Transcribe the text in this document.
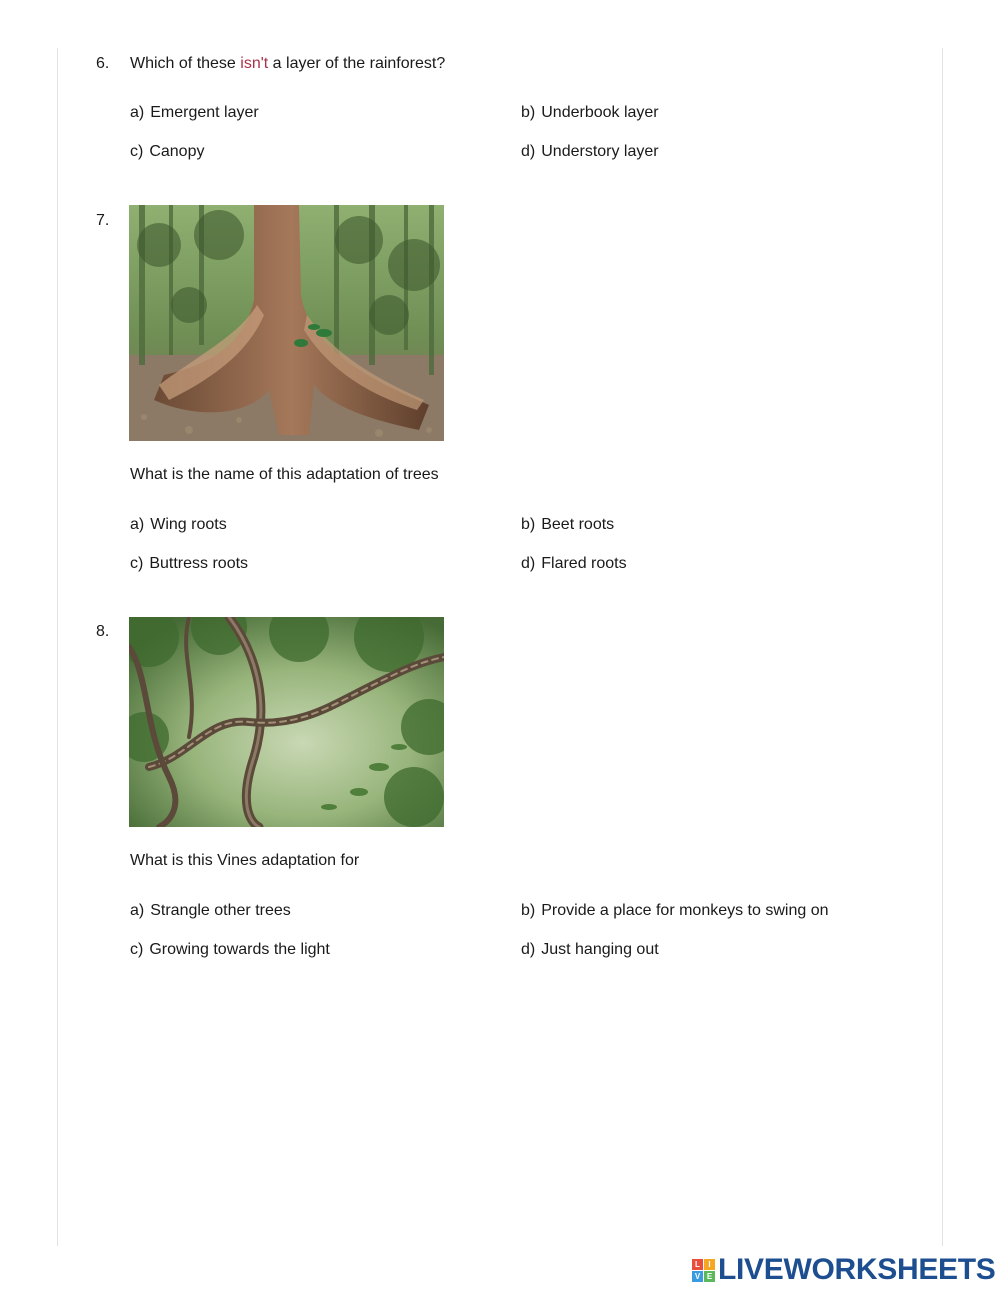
6. Which of these isn't a layer of the rainforest?
a) Emergent layer	b) Underbook layer
c) Canopy	d) Understory layer
7.
What is the name of this adaptation of trees
a) Wing roots	b) Beet roots
c) Buttress roots	d) Flared roots
8.
What is this Vines adaptation for
a) Strangle other trees	b) Provide a place for monkeys to swing on
c) Growing towards the light	d) Just hanging out
L	I
V E LIVEWORKSHEETS
